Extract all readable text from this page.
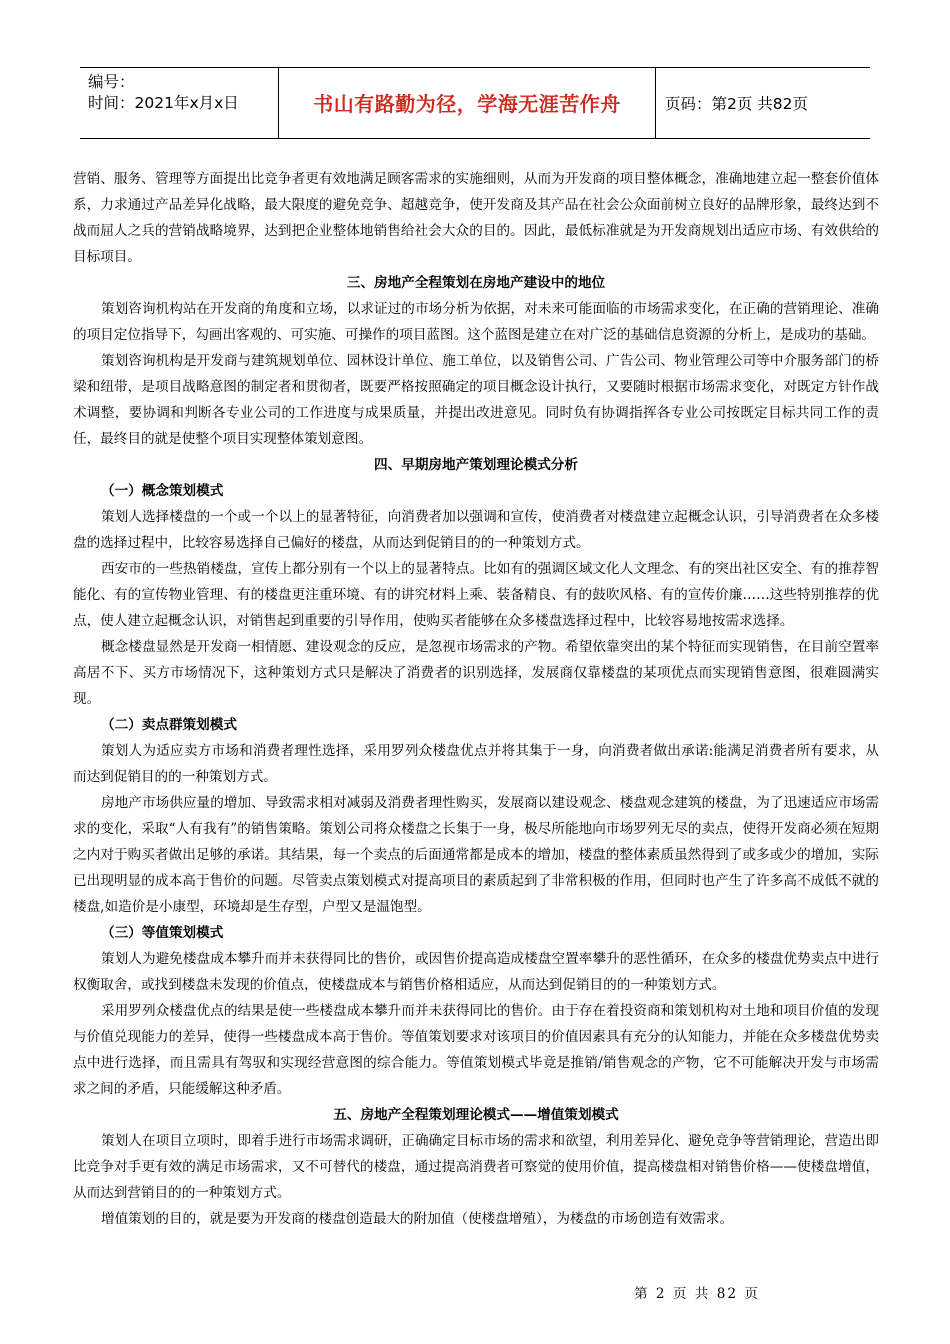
编号：
时间：2021年x月x日	书山有路勤为径，学海无涯苦作舟	页码：第2页 共82页

营销、服务、管理等方面提出比竞争者更有效地满足顾客需求的实施细则，从而为开发商的项目整体概念，准确地建立起一整套价值体系，力求通过产品差异化战略，最大限度的避免竞争、超越竞争，使开发商及其产品在社会公众面前树立良好的品牌形象，最终达到不战而屈人之兵的营销战略境界，达到把企业整体地销售给社会大众的目的。因此，最低标准就是为开发商规划出适应市场、有效供给的目标项目。

三、房地产全程策划在房地产建设中的地位

策划咨询机构站在开发商的角度和立场，以求证过的市场分析为依据，对未来可能面临的市场需求变化，在正确的营销理论、准确的项目定位指导下，勾画出客观的、可实施、可操作的项目蓝图。这个蓝图是建立在对广泛的基础信息资源的分析上，是成功的基础。

策划咨询机构是开发商与建筑规划单位、园林设计单位、施工单位，以及销售公司、广告公司、物业管理公司等中介服务部门的桥梁和纽带，是项目战略意图的制定者和贯彻者，既要严格按照确定的项目概念设计执行，又要随时根据市场需求变化，对既定方针作战术调整，要协调和判断各专业公司的工作进度与成果质量，并提出改进意见。同时负有协调指挥各专业公司按既定目标共同工作的责任，最终目的就是使整个项目实现整体策划意图。

四、早期房地产策划理论模式分析
（一）概念策划模式

策划人选择楼盘的一个或一个以上的显著特征，向消费者加以强调和宣传，使消费者对楼盘建立起概念认识，引导消费者在众多楼盘的选择过程中，比较容易选择自己偏好的楼盘，从而达到促销目的的一种策划方式。

西安市的一些热销楼盘，宣传上都分别有一个以上的显著特点。比如有的强调区域文化人文理念、有的突出社区安全、有的推荐智能化、有的宣传物业管理、有的楼盘更注重环境、有的讲究材料上乘、装备精良、有的鼓吹风格、有的宣传价廉……这些特别推荐的优点，使人建立起概念认识，对销售起到重要的引导作用，使购买者能够在众多楼盘选择过程中，比较容易地按需求选择。

概念楼盘显然是开发商一相情愿、建设观念的反应，是忽视市场需求的产物。希望依靠突出的某个特征而实现销售，在目前空置率高居不下、买方市场情况下，这种策划方式只是解决了消费者的识别选择，发展商仅靠楼盘的某项优点而实现销售意图，很难圆满实现。

（二）卖点群策划模式

策划人为适应卖方市场和消费者理性选择，采用罗列众楼盘优点并将其集于一身，向消费者做出承诺:能满足消费者所有要求，从而达到促销目的的一种策划方式。

房地产市场供应量的增加、导致需求相对减弱及消费者理性购买，发展商以建设观念、楼盘观念建筑的楼盘，为了迅速适应市场需求的变化，采取“人有我有”的销售策略。策划公司将众楼盘之长集于一身，极尽所能地向市场罗列无尽的卖点，使得开发商必须在短期之内对于购买者做出足够的承诺。其结果，每一个卖点的后面通常都是成本的增加，楼盘的整体素质虽然得到了或多或少的增加，实际已出现明显的成本高于售价的问题。尽管卖点策划模式对提高项目的素质起到了非常积极的作用，但同时也产生了许多高不成低不就的楼盘,如造价是小康型，环境却是生存型，户型又是温饱型。

（三）等值策划模式

策划人为避免楼盘成本攀升而并未获得同比的售价，或因售价提高造成楼盘空置率攀升的恶性循环，在众多的楼盘优势卖点中进行权衡取舍，或找到楼盘未发现的价值点，使楼盘成本与销售价格相适应，从而达到促销目的的一种策划方式。

采用罗列众楼盘优点的结果是使一些楼盘成本攀升而并未获得同比的售价。由于存在着投资商和策划机构对土地和项目价值的发现与价值兑现能力的差异，使得一些楼盘成本高于售价。等值策划要求对该项目的价值因素具有充分的认知能力，并能在众多楼盘优势卖点中进行选择，而且需具有驾驭和实现经营意图的综合能力。等值策划模式毕竟是推销/销售观念的产物，它不可能解决开发与市场需求之间的矛盾，只能缓解这种矛盾。

五、房地产全程策划理论模式——增值策划模式

策划人在项目立项时，即着手进行市场需求调研，正确确定目标市场的需求和欲望，利用差异化、避免竞争等营销理论，营造出即比竞争对手更有效的满足市场需求，又不可替代的楼盘，通过提高消费者可察觉的使用价值，提高楼盘相对销售价格——使楼盘增值，从而达到营销目的的一种策划方式。

增值策划的目的，就是要为开发商的楼盘创造最大的附加值（使楼盘增殖），为楼盘的市场创造有效需求。

第 2 页 共 82 页
